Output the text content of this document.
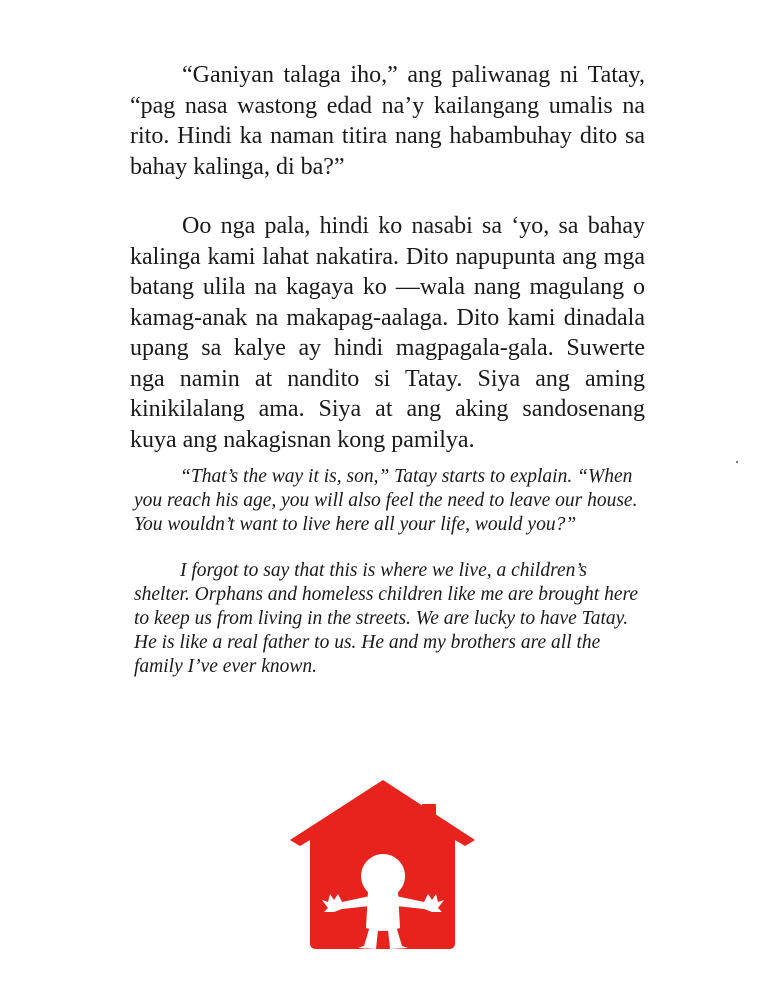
“Ganiyan talaga iho,” ang paliwanag ni Tatay, “pag nasa wastong edad na’y kailangang umalis na rito. Hindi ka naman titira nang habambuhay dito sa bahay kalinga, di ba?”

Oo nga pala, hindi ko nasabi sa ‘yo, sa bahay kalinga kami lahat nakatira. Dito napupunta ang mga batang ulila na kagaya ko —wala nang magulang o kamag-anak na makapag-aalaga. Dito kami dinadala upang sa kalye ay hindi magpagala-gala. Suwerte nga namin at nandito si Tatay. Siya ang aming kinikilalang ama. Siya at ang aking sandosenang kuya ang nakagisnan kong pamilya.

“That’s the way it is, son,” Tatay starts to explain. “When you reach his age, you will also feel the need to leave our house. You wouldn’t want to live here all your life, would you?”

I forgot to say that this is where we live, a children’s shelter. Orphans and homeless children like me are brought here to keep us from living in the streets. We are lucky to have Tatay. He is like a real father to us. He and my brothers are all the family I’ve ever known.
